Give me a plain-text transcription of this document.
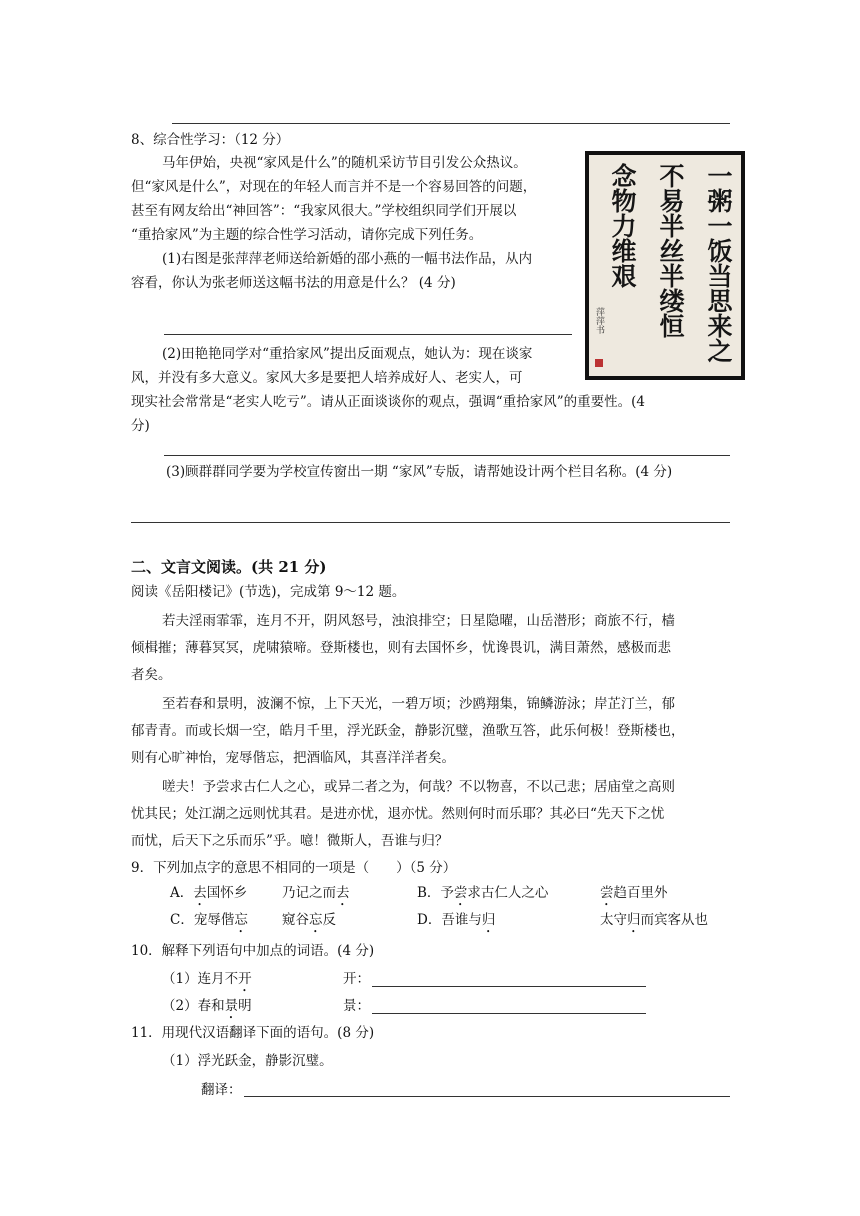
8、综合性学习：（12 分）
马年伊始，央视“家风是什么”的随机采访节目引发公众热议。
但“家风是什么”，对现在的年轻人而言并不是一个容易回答的问题，
甚至有网友给出“神回答”：“我家风很大。”学校组织同学们开展以
“重拾家风”为主题的综合性学习活动，请你完成下列任务。
(1)右图是张萍萍老师送给新婚的邵小燕的一幅书法作品，从内
容看，你认为张老师送这幅书法的用意是什么？ (4 分)	一粥一饭当思来之
不易半丝半缕恒
念物力维艰
萍萍书
(2)田艳艳同学对“重拾家风”提出反面观点，她认为：现在谈家
风，并没有多大意义。家风大多是要把人培养成好人、老实人，可
现实社会常常是“老实人吃亏”。请从正面谈谈你的观点，强调“重拾家风”的重要性。(4
分)
(3)顾群群同学要为学校宣传窗出一期 “家风”专版，请帮她设计两个栏目名称。(4 分)
二、文言文阅读。(共 21 分)
阅读《岳阳楼记》(节选)，完成第 9～12 题。
若夫淫雨霏霏，连月不开，阴风怒号，浊浪排空；日星隐曜，山岳潜形；商旅不行，樯
倾楫摧；薄暮冥冥，虎啸猿啼。登斯楼也，则有去国怀乡，忧谗畏讥，满目萧然，感极而悲
者矣。
至若春和景明，波澜不惊，上下天光，一碧万顷；沙鸥翔集，锦鳞游泳；岸芷汀兰，郁
郁青青。而或长烟一空，皓月千里，浮光跃金，静影沉璧，渔歌互答，此乐何极！登斯楼也，
则有心旷神怡，宠辱偕忘，把酒临风，其喜洋洋者矣。
嗟夫！予尝求古仁人之心，或异二者之为，何哉？不以物喜，不以己悲；居庙堂之高则
忧其民；处江湖之远则忧其君。是进亦忧，退亦忧。然则何时而乐耶？其必曰“先天下之忧
而忧，后天下之乐而乐”乎。噫！微斯人，吾谁与归？
9．下列加点字的意思不相同的一项是（　　）（5 分）
A．去国怀乡	乃记之而去	B．予尝求古仁人之心	尝趋百里外
C．宠辱偕忘	窥谷忘反	D．吾谁与归	太守归而宾客从也
10．解释下列语句中加点的词语。(4 分)
（1）连月不开	开：
（2）春和景明	景：
11．用现代汉语翻译下面的语句。(8 分)
（1）浮光跃金，静影沉璧。
翻译：
